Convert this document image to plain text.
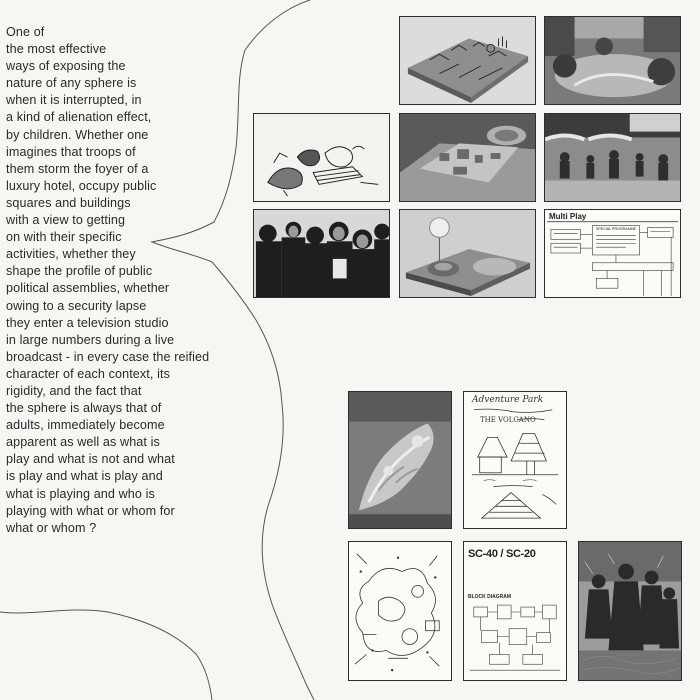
One of
the most effective
ways of exposing the
nature of any sphere is
when it is interrupted, in
a kind of alienation effect,
by children. Whether one
imagines that troops of
them storm the foyer of a
luxury hotel, occupy public
squares and buildings
with a view to getting
on with their specific
activities, whether they
shape the profile of public
political assemblies, whether
owing to a security lapse
they enter a television studio
in large numbers during a live
broadcast - in every case the reified
character of each context, its
rigidity, and the fact that
the sphere is always that of
adults, immediately become
apparent as well as what is
play and what is not and what
is play and what is play and
what is playing and who is
playing with what or whom for
what or whom ?
Multi Play
SPECIAL PROGRAMME
Adventure Park
THE VOLCANO
SC-40 / SC-20
BLOCK DIAGRAM
